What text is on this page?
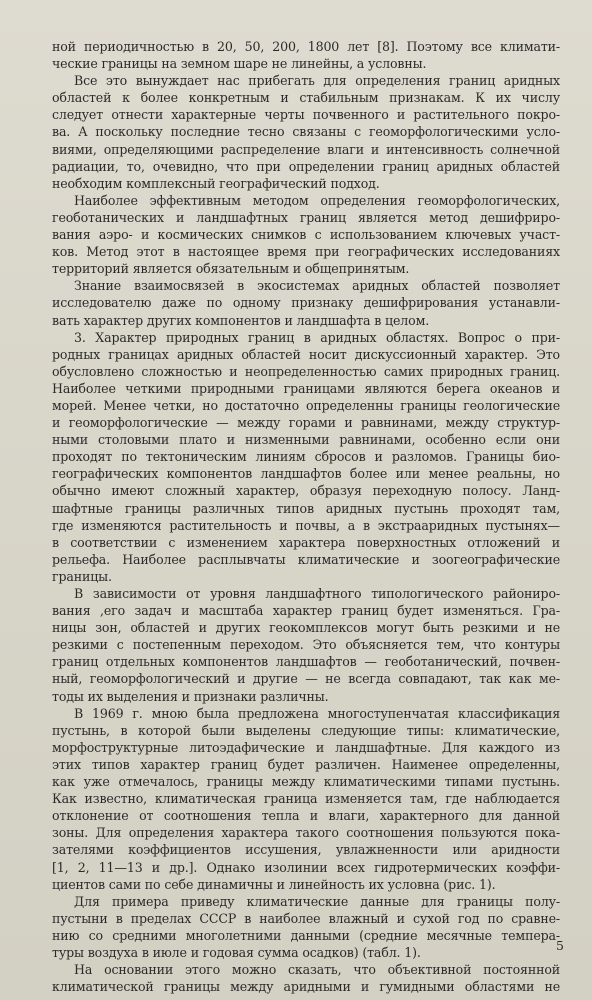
ной периодичностью в 20, 50, 200, 1800 лет [8]. Поэтому все климати-
ческие границы на земном шаре не линейны, а условны.
Все это вынуждает нас прибегать для определения границ аридных
областей к более конкретным и стабильным признакам. К их числу
следует отнести характерные черты почвенного и растительного покро-
ва. А поскольку последние тесно связаны с геоморфологическими усло-
виями, определяющими распределение влаги и интенсивность солнечной
радиации, то, очевидно, что при определении границ аридных областей
необходим комплексный географический подход.
Наиболее эффективным методом определения геоморфологических,
геоботанических и ландшафтных границ является метод дешифриро-
вания аэро- и космических снимков с использованием ключевых участ-
ков. Метод этот в настоящее время при географических исследованиях
территорий является обязательным и общепринятым.
Знание взаимосвязей в экосистемах аридных областей позволяет
исследователю даже по одному признаку дешифрирования устанавли-
вать характер других компонентов и ландшафта в целом.
3. Характер природных границ в аридных областях. Вопрос о при-
родных границах аридных областей носит дискуссионный характер. Это
обусловлено сложностью и неопределенностью самих природных границ.
Наиболее четкими природными границами являются берега океанов и
морей. Менее четки, но достаточно определенны границы геологические
и геоморфологические — между горами и равнинами, между структур-
ными столовыми плато и низменными равнинами, особенно если они
проходят по тектоническим линиям сбросов и разломов. Границы био-
географических компонентов ландшафтов более или менее реальны, но
обычно имеют сложный характер, образуя переходную полосу. Ланд-
шафтные границы различных типов аридных пустынь проходят там,
где изменяются растительность и почвы, а в экстрааридных пустынях—
в соответствии с изменением характера поверхностных отложений и
рельефа. Наиболее расплывчаты климатические и зоогеографические
границы.
В зависимости от уровня ландшафтного типологического райониро-
вания ,его задач и масштаба характер границ будет изменяться. Гра-
ницы зон, областей и других геокомплексов могут быть резкими и не
резкими с постепенным переходом. Это объясняется тем, что контуры
границ отдельных компонентов ландшафтов — геоботанический, почвен-
ный, геоморфологический и другие — не всегда совпадают, так как ме-
тоды их выделения и признаки различны.
В 1969 г. мною была предложена многоступенчатая классификация
пустынь, в которой были выделены следующие типы: климатические,
морфоструктурные литоэдафические и ландшафтные. Для каждого из
этих типов характер границ будет различен. Наименее определенны,
как уже отмечалось, границы между климатическими типами пустынь.
Как известно, климатическая граница изменяется там, где наблюдается
отклонение от соотношения тепла и влаги, характерного для данной
зоны. Для определения характера такого соотношения пользуются пока-
зателями коэффициентов иссушения, увлажненности или аридности
[1, 2, 11—13 и др.]. Однако изолинии всех гидротермических коэффи-
циентов сами по себе динамичны и линейность их условна (рис. 1).
Для примера приведу климатические данные для границы полу-
пустыни в пределах СССР в наиболее влажный и сухой год по сравне-
нию со средними многолетними данными (средние месячные темпера-
туры воздуха в июле и годовая сумма осадков) (табл. 1).
На основании этого можно сказать, что объективной постоянной
климатической границы между аридными и гумидными областями не
5
